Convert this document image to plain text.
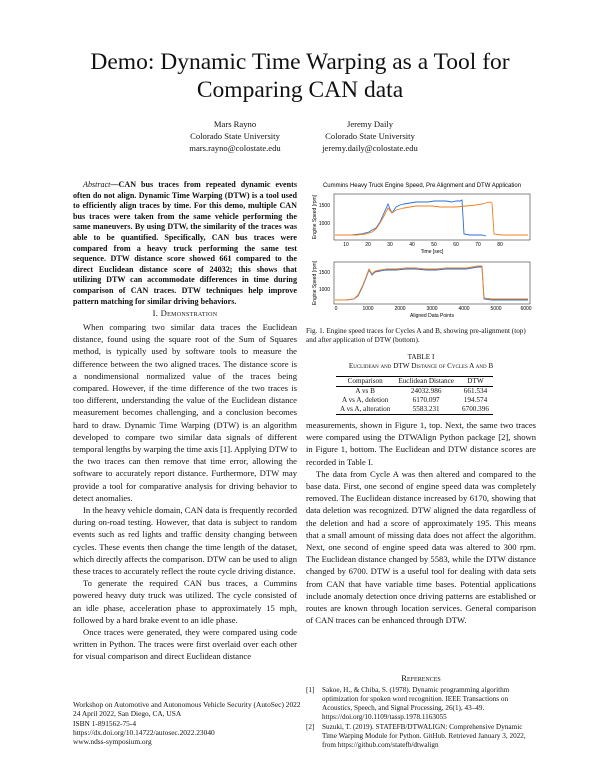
Demo: Dynamic Time Warping as a Tool for
Comparing CAN data
Mars Rayno
Colorado State University
mars.rayno@colostate.edu
Jeremy Daily
Colorado State University
jeremy.daily@colostate.edu
Abstract—CAN bus traces from repeated dynamic events often do not align. Dynamic Time Warping (DTW) is a tool used to efficiently align traces by time. For this demo, multiple CAN bus traces were taken from the same vehicle performing the same maneuvers. By using DTW, the similarity of the traces was able to be quantified. Specifically, CAN bus traces were compared from a heavy truck performing the same test sequence. DTW distance score showed 661 compared to the direct Euclidean distance score of 24032; this shows that utilizing DTW can accommodate differences in time during comparison of CAN traces. DTW techniques help improve pattern matching for similar driving behaviors.
I. Demonstration

When comparing two similar data traces the Euclidean distance, found using the square root of the Sum of Squares method, is typically used by software tools to measure the difference between the two aligned traces. The distance score is a nondimensional normalized value of the traces being compared. However, if the time difference of the two traces is too different, understanding the value of the Euclidean distance measurement becomes challenging, and a conclusion becomes hard to draw. Dynamic Time Warping (DTW) is an algorithm developed to compare two similar data signals of different temporal lengths by warping the time axis [1]. Applying DTW to the two traces can then remove that time error, allowing the software to accurately report distance. Furthermore, DTW may provide a tool for comparative analysis for driving behavior to detect anomalies.

In the heavy vehicle domain, CAN data is frequently recorded during on-road testing. However, that data is subject to random events such as red lights and traffic density changing between cycles. These events then change the time length of the dataset, which directly affects the comparison. DTW can be used to align these traces to accurately reflect the route cycle driving distance.

To generate the required CAN bus traces, a Cummins powered heavy duty truck was utilized. The cycle consisted of an idle phase, acceleration phase to approximately 15 mph, followed by a hard brake event to an idle phase.

Once traces were generated, they were compared using code written in Python. The traces were first overlaid over each other for visual comparison and direct Euclidean distance

Workshop on Automotive and Autonomous Vehicle Security (AutoSec) 2022
24 April 2022, San Diego, CA, USA
ISBN 1-891562-75-4
https://dx.doi.org/10.14722/autosec.2022.23040
www.ndss-symposium.org
Cummins Heavy Truck Engine Speed, Pre Alignment and DTW Application
1500
1000
Engine Speed [rpm]
10	20	30	40	50	60	70	80
Time [sec]
1500
1000
Engine Speed [rpm]
0	1000	2000	3000	4000	5000	6000
Aligned Data Points
Fig. 1. Engine speed traces for Cycles A and B, showing pre-alignment (top) and after application of DTW (bottom).
TABLE I
Euclidean and DTW Distance of Cycles A and B
Comparison	Euclidean Distance	DTW
A vs B	24032.986	661.534
A vs A, deletion	6170.097	194.574
A vs A, alteration	5583.231	6700.396

measurements, shown in Figure 1, top. Next, the same two traces were compared using the DTWAlign Python package [2], shown in Figure 1, bottom. The Euclidean and DTW distance scores are recorded in Table I.

The data from Cycle A was then altered and compared to the base data. First, one second of engine speed data was completely removed. The Euclidean distance increased by 6170, showing that data deletion was recognized. DTW aligned the data regardless of the deletion and had a score of approximately 195. This means that a small amount of missing data does not affect the algorithm. Next, one second of engine speed data was altered to 300 rpm. The Euclidean distance changed by 5583, while the DTW distance changed by 6700. DTW is a useful tool for dealing with data sets from CAN that have variable time bases. Potential applications include anomaly detection once driving patterns are established or routes are known through location services. General comparison of CAN traces can be enhanced through DTW.

References
[1] Sakoe, H., & Chiba, S. (1978). Dynamic programming algorithm optimization for spoken word recognition. IEEE Transactions on Acoustics, Speech, and Signal Processing, 26(1), 43–49. https://doi.org/10.1109/tassp.1978.1163055
[2] Suzuki, T. (2019). STATEFB/DTWALIGN: Comprehensive Dynamic Time Warping Module for Python. GitHub. Retrieved January 3, 2022, from https://github.com/statefb/dtwalign
